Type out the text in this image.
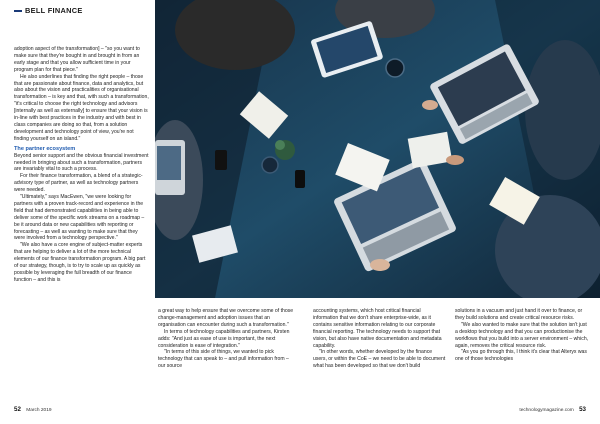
BELL FINANCE

adoption aspect of the transformation] – "so you want to make sure that they're bought in and brought in from an early stage and that you allow sufficient time in your program plan for that piece."

He also underlines that finding the right people – those that are passionate about finance, data and analytics, but also about the vision and practicalities of organisational transformation – is key and that, with such a transformation, "it's critical to choose the right technology and advisors [internally as well as externally] to ensure that your vision is in-line with best practices in the industry and with best in class companies are doing so that, from a solution development and technology point of view, you're not finding yourself on an island."

The partner ecosystem

Beyond senior support and the obvious financial investment needed in bringing about such a transformation, partners are invariably vital to such a process.

For their finance transformation, a blend of a strategic-advisory type of partner, as well as technology partners were needed.

"Ultimately," says MacEwen, "we were looking for partners with a proven track-record and experience in the field that had demonstrated capabilities in being able to deliver some of the specific work streams on a roadmap – be it around data or new capabilities with reporting or forecasting – as well as wanting to make sure that they were involved from a technology perspective."

"We also have a core engine of subject-matter experts that are helping to deliver a lot of the more technical elements of our finance transformation program. A big part of our strategy, though, is to try to scale up as quickly as possible by leveraging the full breadth of our finance function – and this is

a great way to help ensure that we overcome some of those change-management and adoption issues that an organisation can encounter during such a transformation."

In terms of technology capabilities and partners, Kirsten adds: "And just as ease of use is important, the next consideration is ease of integration."

"In terms of this side of things, we wanted to pick technology that can speak to – and pull information from – our source

accounting systems, which host critical financial information that we don't share enterprise-wide, as it contains sensitive information relating to our corporate financial reporting. The technology needs to support that vision, but also have native documentation and metadata capability.

"In other words, whether developed by the finance users, or within the CoE – we need to be able to document what has been developed so that we don't build

solutions in a vacuum and just hand it over to finance, or they build solutions and create critical resource risks.

"We also wanted to make sure that the solution isn't just a desktop technology and that you can productionise the workflows that you build into a server environment – which, again, removes the critical resource risk.

"As you go through this, I think it's clear that Alteryx was one of those technologies

52 March 2019	technologymagazine.com 53
